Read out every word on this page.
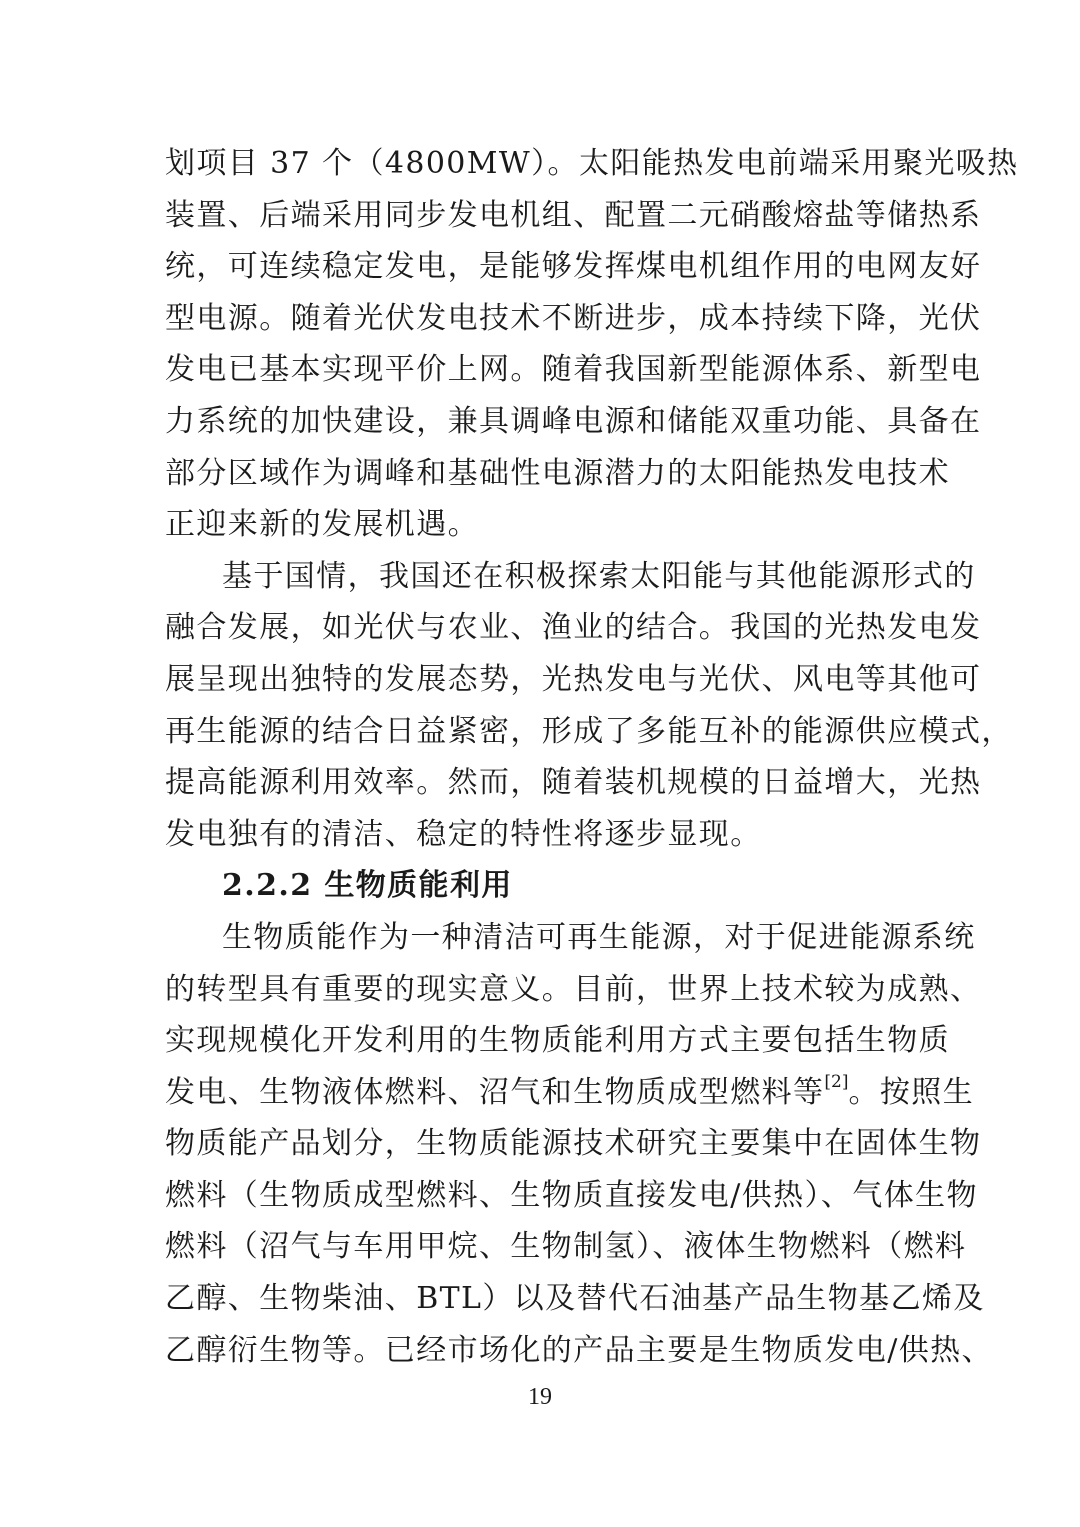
划项目 37 个（4800MW）。太阳能热发电前端采用聚光吸热
装置、后端采用同步发电机组、配置二元硝酸熔盐等储热系
统，可连续稳定发电，是能够发挥煤电机组作用的电网友好
型电源。随着光伏发电技术不断进步，成本持续下降，光伏
发电已基本实现平价上网。随着我国新型能源体系、新型电
力系统的加快建设，兼具调峰电源和储能双重功能、具备在
部分区域作为调峰和基础性电源潜力的太阳能热发电技术
正迎来新的发展机遇。
基于国情，我国还在积极探索太阳能与其他能源形式的
融合发展，如光伏与农业、渔业的结合。我国的光热发电发
展呈现出独特的发展态势，光热发电与光伏、风电等其他可
再生能源的结合日益紧密，形成了多能互补的能源供应模式，
提高能源利用效率。然而，随着装机规模的日益增大，光热
发电独有的清洁、稳定的特性将逐步显现。
2.2.2 生物质能利用
生物质能作为一种清洁可再生能源，对于促进能源系统
的转型具有重要的现实意义。目前，世界上技术较为成熟、
实现规模化开发利用的生物质能利用方式主要包括生物质
发电、生物液体燃料、沼气和生物质成型燃料等[2]。按照生
物质能产品划分，生物质能源技术研究主要集中在固体生物
燃料（生物质成型燃料、生物质直接发电/供热）、气体生物
燃料（沼气与车用甲烷、生物制氢）、液体生物燃料（燃料
乙醇、生物柴油、BTL）以及替代石油基产品生物基乙烯及
乙醇衍生物等。已经市场化的产品主要是生物质发电/供热、
19
